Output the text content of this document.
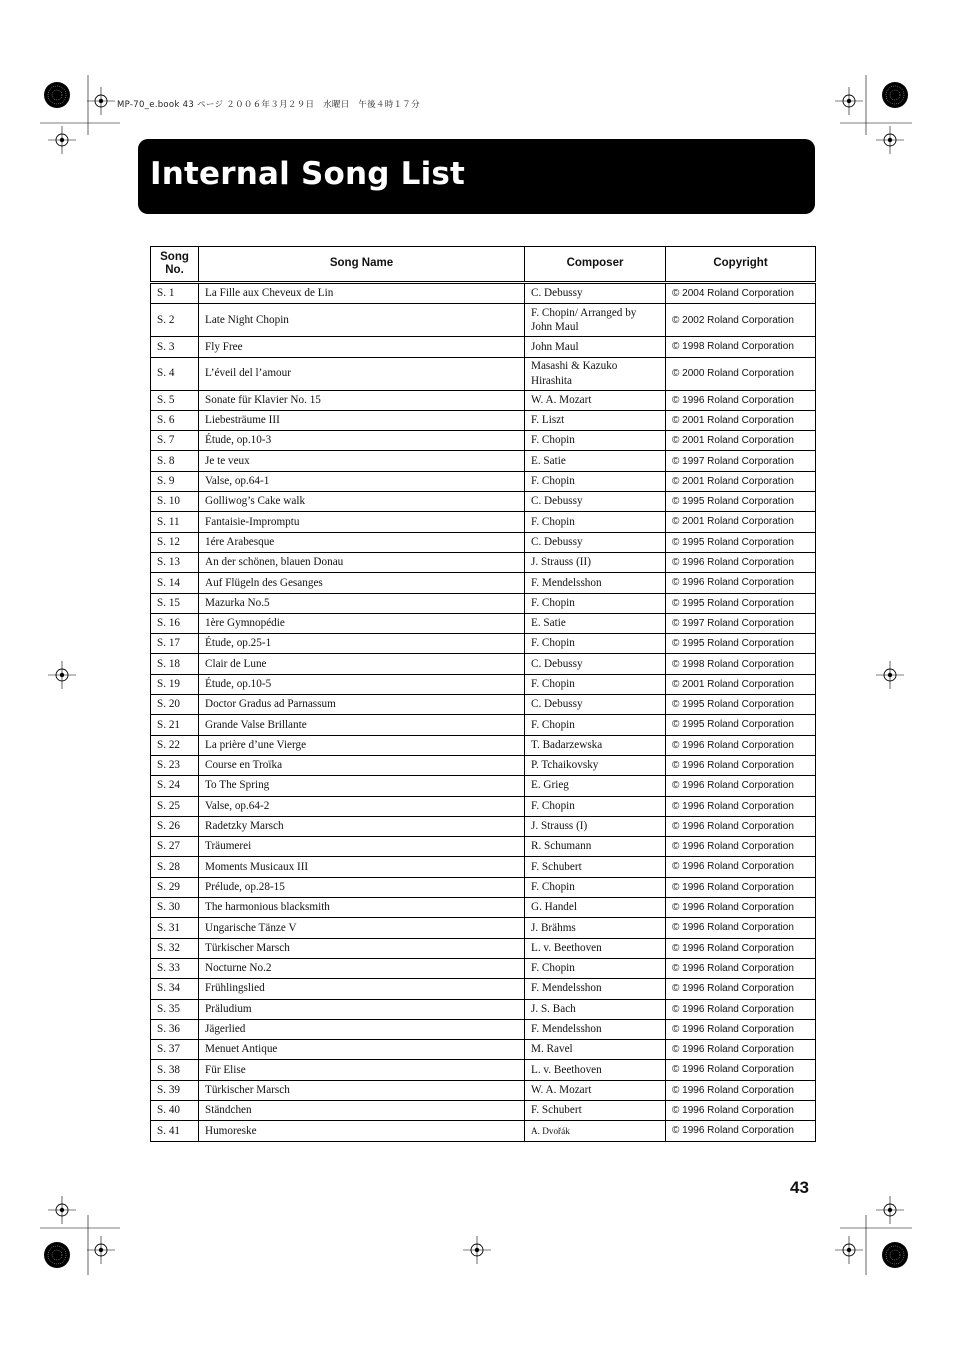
MP-70_e.book 43 ページ ２００６年３月２９日　水曜日　午後４時１７分
Internal Song List
Song No.	Song Name	Composer	Copyright
S. 1	La Fille aux Cheveux de Lin	C. Debussy	© 2004 Roland Corporation
S. 2	Late Night Chopin	F. Chopin/ Arranged by John Maul	© 2002 Roland Corporation
S. 3	Fly Free	John Maul	© 1998 Roland Corporation
S. 4	L’éveil del l’amour	Masashi & Kazuko Hirashita	© 2000 Roland Corporation
S. 5	Sonate für Klavier No. 15	W. A. Mozart	© 1996 Roland Corporation
S. 6	Liebesträume III	F. Liszt	© 2001 Roland Corporation
S. 7	Étude, op.10-3	F. Chopin	© 2001 Roland Corporation
S. 8	Je te veux	E. Satie	© 1997 Roland Corporation
S. 9	Valse, op.64-1	F. Chopin	© 2001 Roland Corporation
S. 10	Golliwog’s Cake walk	C. Debussy	© 1995 Roland Corporation
S. 11	Fantaisie-Impromptu	F. Chopin	© 2001 Roland Corporation
S. 12	1ére Arabesque	C. Debussy	© 1995 Roland Corporation
S. 13	An der schönen, blauen Donau	J. Strauss (II)	© 1996 Roland Corporation
S. 14	Auf Flügeln des Gesanges	F. Mendelsshon	© 1996 Roland Corporation
S. 15	Mazurka No.5	F. Chopin	© 1995 Roland Corporation
S. 16	1ère Gymnopédie	E. Satie	© 1997 Roland Corporation
S. 17	Étude, op.25-1	F. Chopin	© 1995 Roland Corporation
S. 18	Clair de Lune	C. Debussy	© 1998 Roland Corporation
S. 19	Étude, op.10-5	F. Chopin	© 2001 Roland Corporation
S. 20	Doctor Gradus ad Parnassum	C. Debussy	© 1995 Roland Corporation
S. 21	Grande Valse Brillante	F. Chopin	© 1995 Roland Corporation
S. 22	La prière d’une Vierge	T. Badarzewska	© 1996 Roland Corporation
S. 23	Course en Troïka	P. Tchaikovsky	© 1996 Roland Corporation
S. 24	To The Spring	E. Grieg	© 1996 Roland Corporation
S. 25	Valse, op.64-2	F. Chopin	© 1996 Roland Corporation
S. 26	Radetzky Marsch	J. Strauss (I)	© 1996 Roland Corporation
S. 27	Träumerei	R. Schumann	© 1996 Roland Corporation
S. 28	Moments Musicaux III	F. Schubert	© 1996 Roland Corporation
S. 29	Prélude, op.28-15	F. Chopin	© 1996 Roland Corporation
S. 30	The harmonious blacksmith	G. Handel	© 1996 Roland Corporation
S. 31	Ungarische Tänze V	J. Brähms	© 1996 Roland Corporation
S. 32	Türkischer Marsch	L. v. Beethoven	© 1996 Roland Corporation
S. 33	Nocturne No.2	F. Chopin	© 1996 Roland Corporation
S. 34	Frühlingslied	F. Mendelsshon	© 1996 Roland Corporation
S. 35	Präludium	J. S. Bach	© 1996 Roland Corporation
S. 36	Jägerlied	F. Mendelsshon	© 1996 Roland Corporation
S. 37	Menuet Antique	M. Ravel	© 1996 Roland Corporation
S. 38	Für Elise	L. v. Beethoven	© 1996 Roland Corporation
S. 39	Türkischer Marsch	W. A. Mozart	© 1996 Roland Corporation
S. 40	Ständchen	F. Schubert	© 1996 Roland Corporation
S. 41	Humoreske	A. Dvořák	© 1996 Roland Corporation
43
